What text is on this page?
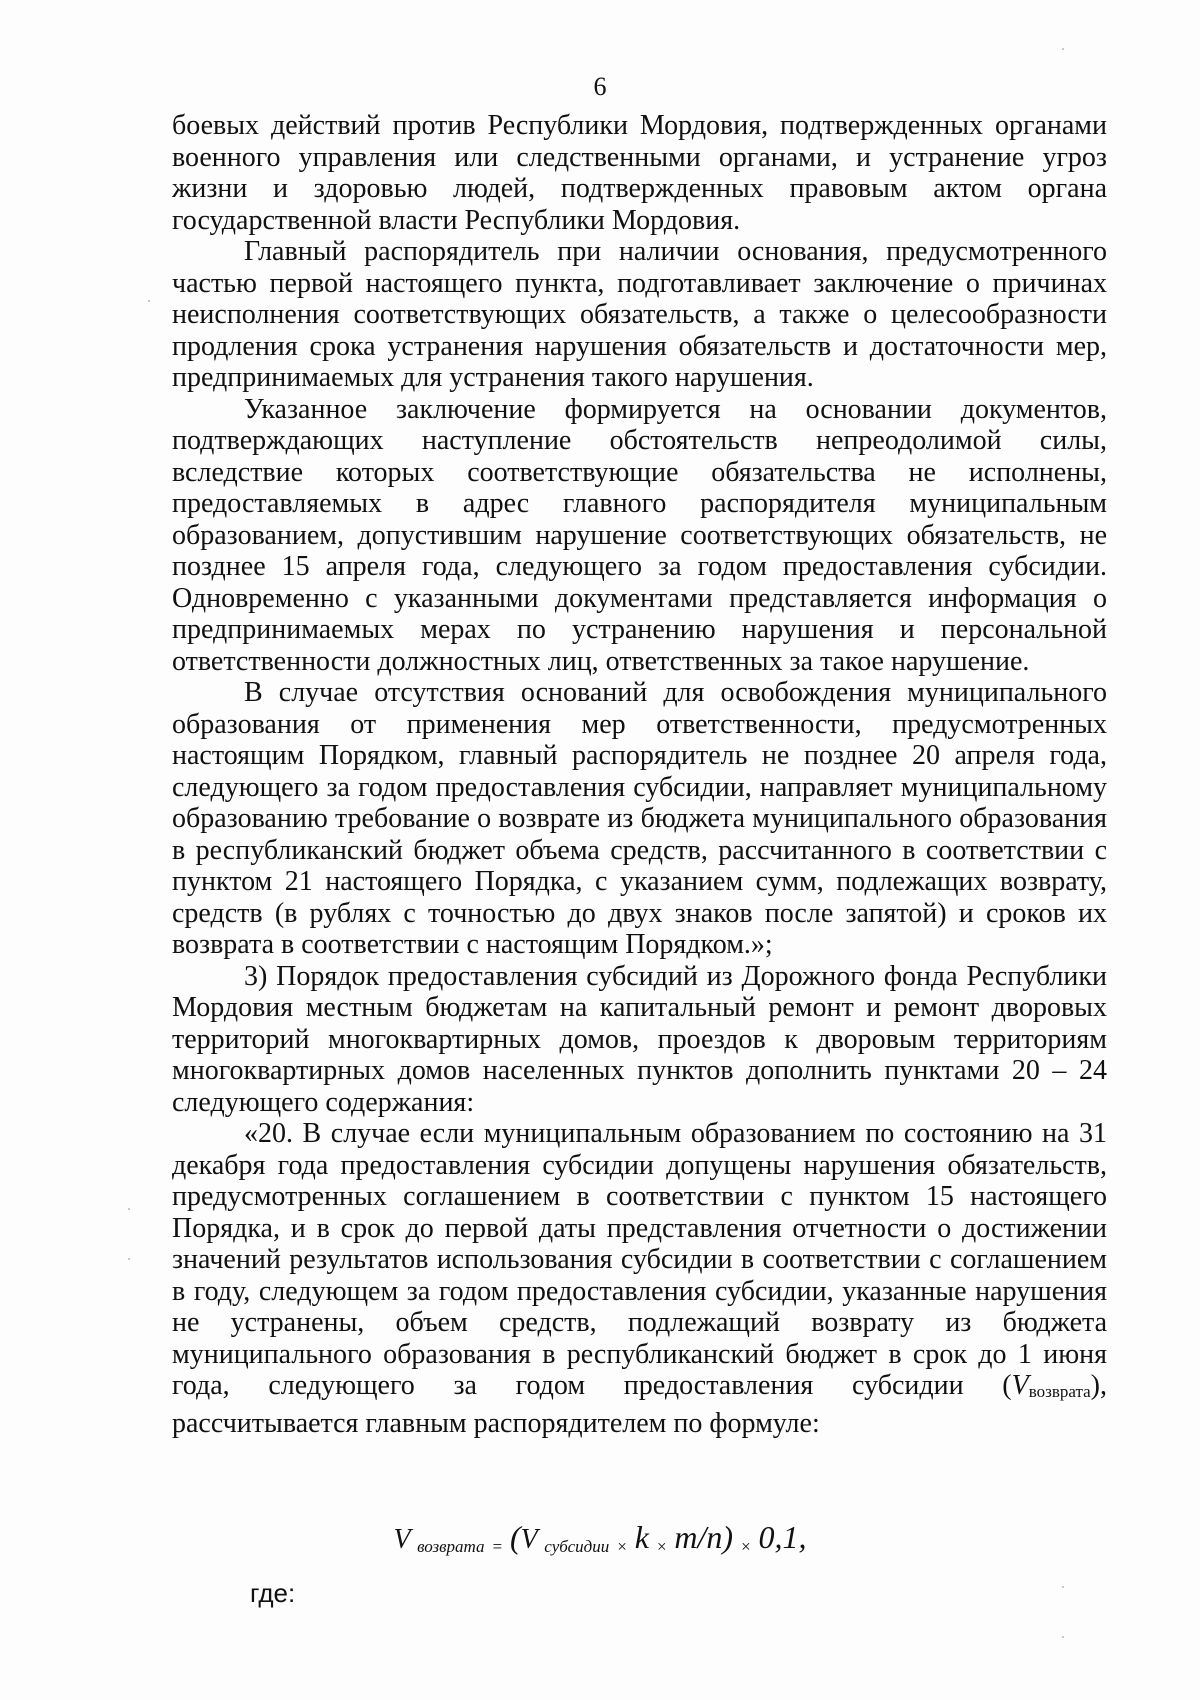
6

боевых действий против Республики Мордовия, подтвержденных органами военного управления или следственными органами, и устранение угроз жизни и здоровью людей, подтвержденных правовым актом органа государственной власти Республики Мордовия.

Главный распорядитель при наличии основания, предусмотренного частью первой настоящего пункта, подготавливает заключение о причинах неисполнения соответствующих обязательств, а также о целесообразности продления срока устранения нарушения обязательств и достаточности мер, предпринимаемых для устранения такого нарушения.

Указанное заключение формируется на основании документов, подтверждающих наступление обстоятельств непреодолимой силы, вследствие которых соответствующие обязательства не исполнены, предоставляемых в адрес главного распорядителя муниципальным образованием, допустившим нарушение соответствующих обязательств, не позднее 15 апреля года, следующего за годом предоставления субсидии. Одновременно с указанными документами представляется информация о предпринимаемых мерах по устранению нарушения и персональной ответственности должностных лиц, ответственных за такое нарушение.

В случае отсутствия оснований для освобождения муниципального образования от применения мер ответственности, предусмотренных настоящим Порядком, главный распорядитель не позднее 20 апреля года, следующего за годом предоставления субсидии, направляет муниципальному образованию требование о возврате из бюджета муниципального образования в республиканский бюджет объема средств, рассчитанного в соответствии с пунктом 21 настоящего Порядка, с указанием сумм, подлежащих возврату, средств (в рублях с точностью до двух знаков после запятой) и сроков их возврата в соответствии с настоящим Порядком.»;

3) Порядок предоставления субсидий из Дорожного фонда Республики Мордовия местным бюджетам на капитальный ремонт и ремонт дворовых территорий многоквартирных домов, проездов к дворовым территориям многоквартирных домов населенных пунктов дополнить пунктами 20 – 24 следующего содержания:

«20. В случае если муниципальным образованием по состоянию на 31 декабря года предоставления субсидии допущены нарушения обязательств, предусмотренных соглашением в соответствии с пунктом 15 настоящего Порядка, и в срок до первой даты представления отчетности о достижении значений результатов использования субсидии в соответствии с соглашением в году, следующем за годом предоставления субсидии, указанные нарушения не устранены, объем средств, подлежащий возврату из бюджета муниципального образования в республиканский бюджет в срок до 1 июня года, следующего за годом предоставления субсидии (Vвозврата), рассчитывается главным распорядителем по формуле:

V $_{возврата}$ $_=$ (V $_{субсидии}$ $_\times$ k $_\times$ m/n) $_\times$ 0,1,
где:
